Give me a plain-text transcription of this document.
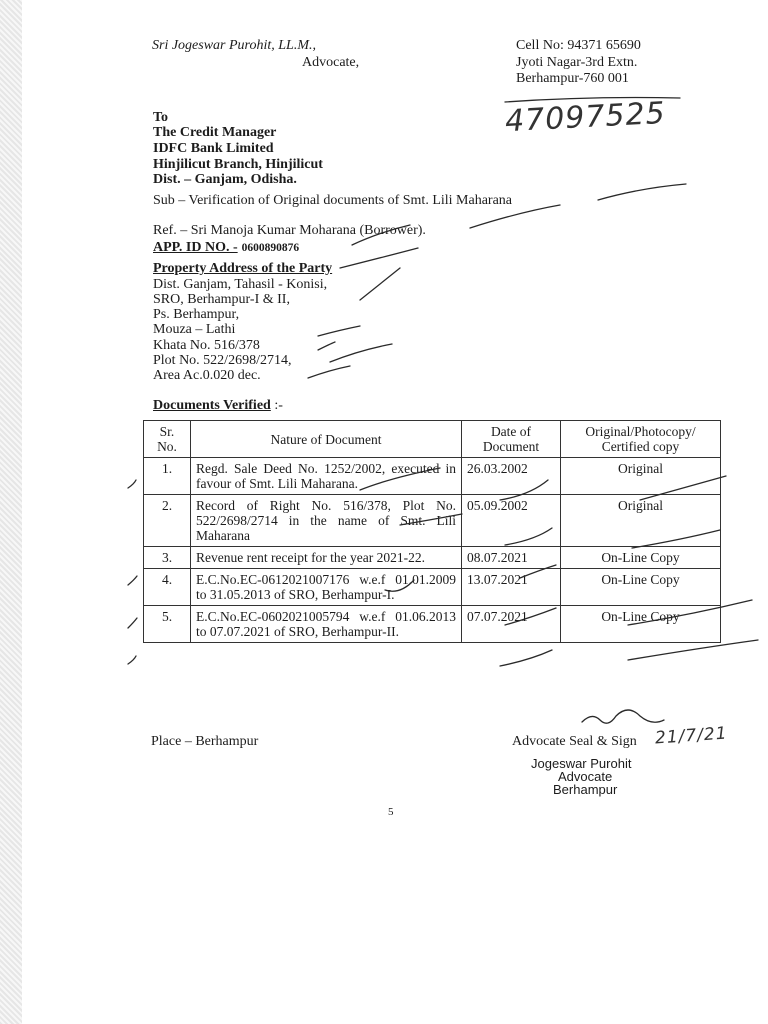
Sri Jogeswar Purohit, LL.M.,
Advocate,
Cell No: 94371 65690
Jyoti Nagar-3rd Extn.
Berhampur-760 001
47097525
To
The Credit Manager
IDFC Bank Limited
Hinjilicut Branch, Hinjilicut
Dist. – Ganjam, Odisha.
Sub – Verification of Original documents of Smt. Lili Maharana
Ref. – Sri Manoja Kumar Moharana (Borrower).
APP. ID NO. - 0600890876
Property Address of the Party
Dist. Ganjam, Tahasil - Konisi,
SRO, Berhampur-I & II,
Ps. Berhampur,
Mouza – Lathi
Khata No. 516/378
Plot No. 522/2698/2714,
Area Ac.0.020 dec.
Documents Verified :-
Sr. No.	Nature of Document	Date of Document	Original/Photocopy/ Certified copy
1.	Regd. Sale Deed No. 1252/2002, executed in favour of Smt. Lili Maharana.	26.03.2002	Original
2.	Record of Right No. 516/378, Plot No. 522/2698/2714 in the name of Smt. Lili Maharana	05.09.2002	Original
3.	Revenue rent receipt for the year 2021-22.	08.07.2021	On-Line Copy
4.	E.C.No.EC-0612021007176 w.e.f 01.01.2009 to 31.05.2013 of SRO, Berhampur-I.	13.07.2021	On-Line Copy
5.	E.C.No.EC-0602021005794 w.e.f 01.06.2013 to 07.07.2021 of SRO, Berhampur-II.	07.07.2021	On-Line Copy
Place – Berhampur	Advocate Seal & Sign 21/7/21
Jogeswar Purohit
Advocate
Berhampur
5
